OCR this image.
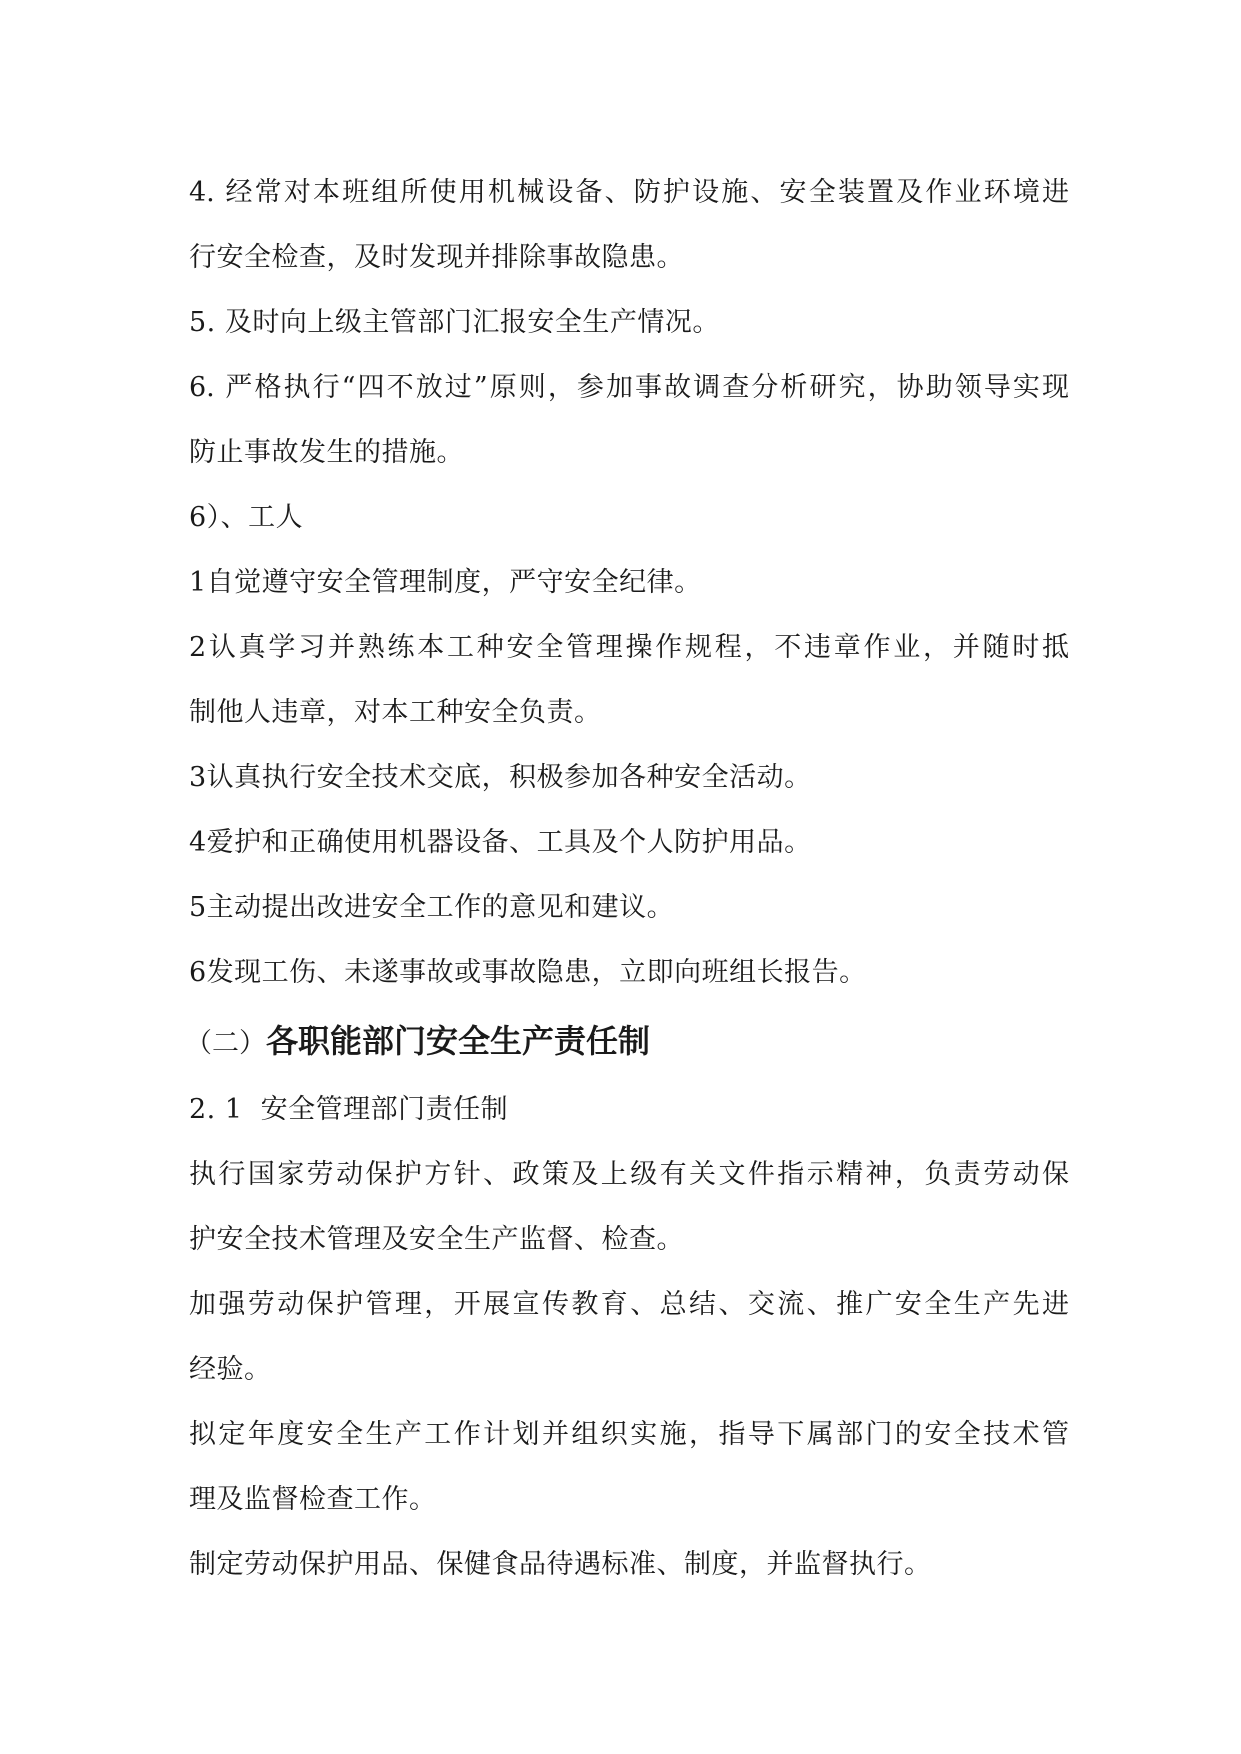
4. 经常对本班组所使用机械设备、防护设施、安全装置及作业环境进
行安全检查，及时发现并排除事故隐患。
5. 及时向上级主管部门汇报安全生产情况。
6. 严格执行“四不放过”原则，参加事故调查分析研究，协助领导实现
防止事故发生的措施。
6）、工人
1自觉遵守安全管理制度，严守安全纪律。
2认真学习并熟练本工种安全管理操作规程，不违章作业，并随时抵
制他人违章，对本工种安全负责。
3认真执行安全技术交底，积极参加各种安全活动。
4爱护和正确使用机器设备、工具及个人防护用品。
5主动提出改进安全工作的意见和建议。
6发现工伤、未遂事故或事故隐患，立即向班组长报告。
（二）各职能部门安全生产责任制
2. 1  安全管理部门责任制
执行国家劳动保护方针、政策及上级有关文件指示精神，负责劳动保
护安全技术管理及安全生产监督、检查。
加强劳动保护管理，开展宣传教育、总结、交流、推广安全生产先进
经验。
拟定年度安全生产工作计划并组织实施，指导下属部门的安全技术管
理及监督检查工作。
制定劳动保护用品、保健食品待遇标准、制度，并监督执行。
